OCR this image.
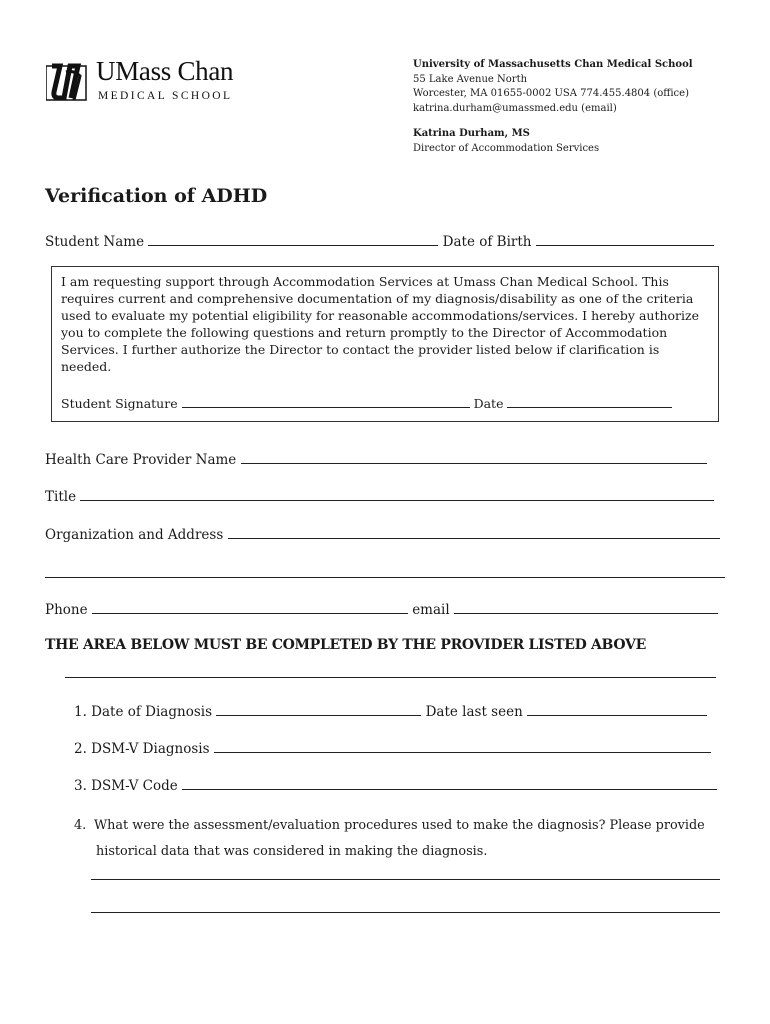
UMass Chan
MEDICAL SCHOOL
University of Massachusetts Chan Medical School
55 Lake Avenue North
Worcester, MA 01655-0002 USA 774.455.4804 (office)
katrina.durham@umassmed.edu (email)
Katrina Durham, MS
Director of Accommodation Services
Verification of ADHD
Student Name	Date of Birth
I am requesting support through Accommodation Services at Umass Chan Medical School. This requires current and comprehensive documentation of my diagnosis/disability as one of the criteria used to evaluate my potential eligibility for reasonable accommodations/services. I hereby authorize you to complete the following questions and return promptly to the Director of Accommodation Services. I further authorize the Director to contact the provider listed below if clarification is needed.
Student Signature	Date
Health Care Provider Name
Title
Organization and Address
Phone	email
THE AREA BELOW MUST BE COMPLETED BY THE PROVIDER LISTED ABOVE
1. Date of Diagnosis	Date last seen
2. DSM-V Diagnosis
3. DSM-V Code
4. What were the assessment/evaluation procedures used to make the diagnosis? Please provide
historical data that was considered in making the diagnosis.
